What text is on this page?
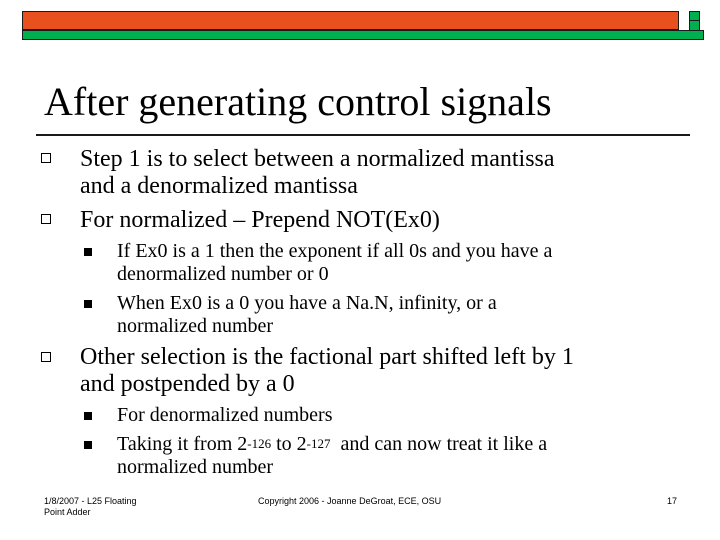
After generating control signals
Step 1 is to select between a normalized mantissa
and a denormalized mantissa
For normalized – Prepend NOT(Ex0)
If Ex0 is a 1 then the exponent if all 0s and you have a
denormalized number or 0
When Ex0 is a 0 you have a Na.N, infinity, or a
normalized number
Other selection is the factional part shifted left by 1
and postpended by a 0
For denormalized numbers
Taking it from $2^{-126}$ to $2^{-127}$  and can now treat it like a
normalized number
1/8/2007 - L25 Floating
Point Adder
Copyright 2006 - Joanne DeGroat, ECE, OSU	17
